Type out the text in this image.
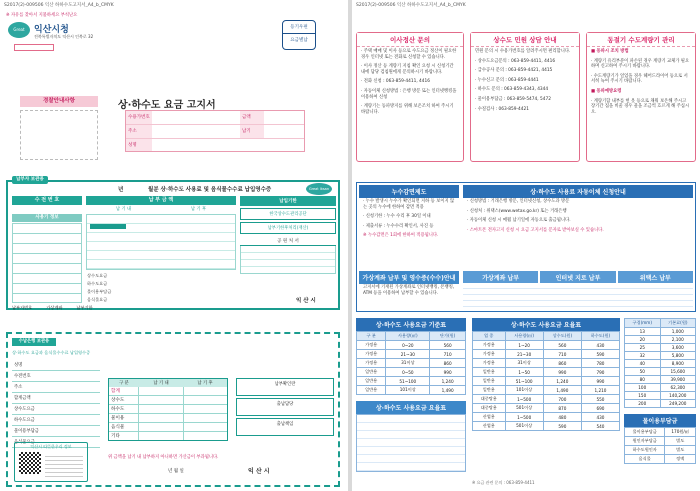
S2017(2)-009506 익산 하하수도고지서_A4_b_CMYK
※ 자유를 찾아서 지불하세요 부칙난요
Great Iksan
익산시청
전북특별자치도 익산시 인북로 32
등기우편
요금별납
경찰안내사항	상·하수도 요금 고지서
수용가번호	금액
주소	납기
성명
납부자 보관용
년	월분 상·하수도 사용료 및 음식물수수료 납입영수증	Great Iksan
수 전 번 호	납 부 금 액
납 기 내	납 기 후
사용기 정보
납입기한
한국상수도관리공단
납부기한후처리(재산)
공 원 처 서
상수도요금
하수도요금
물이용부담금
음식물요금
납부자번호	가상계좌	납부기한
익 산 시
수납은행 보관용
상·하수도 요금과 음식물수수료 납입영수증
성명
수전번호
주소
합계금액
상수도요금
하수도요금
물이용부담금
음식물요금
익산시 따뜻한우리 정보
구 분	납 기 내	납 기 후
합계
상수도
하수도
물이용
음식물
기타
납부확인란
출납담당
출납책임
위 금액을 납기 내 납부하지 아니하면 가산금이 부과됩니다.
년 월 일	익 산 시
S2017(2)-009506 익산 하하수도고지서_A4_b_CMYK
이사정산 문의
· 주택 매매 및 이사 등으로 수도요금 정산이 필요한 경우 인터넷 또는 전화로 신청할 수 있습니다.
· 이사 정산 등 계량기 지침 확인 요청 시 신청기간 내에 담당 검침원에게 문의하시기 바랍니다.
· 전화 신청 : 063-859-4411, 4416
· 자동이체 신청방법 : 은행 방문 또는 인터넷뱅킹을 이용하여 신청
· 계량기는 동파방지를 위해 보온조치 하여 주시기 바랍니다.
상수도 민원 상담 안내
민원 문의 시 수용가번호를 알려주시면 편리합니다.
· 상수도요금문의 : 063-859-4411, 4416
· 급수공사 문의 : 063-859-4421, 4415
· 누수신고 문의 : 063-859-4441
· 하수도 문의 : 063-859-4343, 4344
· 물이용부담금 : 063-859-5474, 5472
· 수질검사 : 063-859-4421
동절기 수도계량기 관리
■ 동파시 조치 방법
· 계량기 유리부분이 파손된 경우 계량기 교체가 필요하며 신고하여 주시기 바랍니다.
· 수도계량기가 얼었을 경우 헤어드라이어 등으로 서서히 녹여 주시기 바랍니다.
■ 동파예방요령
· 계량기함 내부를 헌 옷 등으로 채워 보온해 주시고 장기간 집을 비울 경우 물을 조금씩 흐르게 해 주십시오.
누수감면제도
· 누수 발생시 누수가 확인되면 지하 등 보이지 않는 곳의 누수에 한하여 감면 적용
· 신청기한 : 누수 수리 후 30일 이내
· 제출서류 : 누수수리 확인서, 사진 등
※ 누수감면은 1회에 한하여 적용됩니다.
상·하수도 사용료 자동이체 신청안내
· 신청방법 : 거래은행 방문, 인터넷신청, 상수도과 방문
· 신청처 : 위택스(www.wetax.go.kr) 또는 거래은행
· 자동이체 신청 시 매월 납기일에 자동으로 출금됩니다.
· 스마트폰 전자고지 신청 시 요금 고지서를 문자로 받아보실 수 있습니다.
가상계좌 납부 및 영수증(수수)안내
고지서에 기재된 가상계좌로 인터넷뱅킹, 폰뱅킹, ATM 등을 이용하여 납부할 수 있습니다.
가상계좌 납부	인터넷 지로 납부	위택스 납부
상·하수도 사용요금 기준표
구 분	사용량(㎥)	단가(원)
가정용	0~20	560
가정용	21~30	710
가정용	31이상	860
일반용	0~50	990
일반용	51~100	1,240
일반용	101이상	1,490
상·하수도 사용요금 요율표
상·하수도 사용요금 요율표
업 종	사용량(㎥)	상수도(원)	하수도(원)
가정용	1~20	560	430
가정용	21~30	710	590
가정용	31이상	860	780
일반용	1~50	990	790
일반용	51~100	1,240	990
일반용	101이상	1,490	1,210
대중탕용	1~500	700	550
대중탕용	501이상	870	690
산업용	1~500	480	430
산업용	501이상	590	540
구경(mm)	기본료(원)
13	1,000
20	2,100
25	3,600
32	5,800
40	8,900
50	15,600
80	39,900
100	62,300
150	140,200
200	249,200
물이용부담금
물이용부담금	170원/㎥
원인자부담금	별도
하수도원인자	별도
음식물	정액
※ 요금 관련 문의 : 063-859-4411
